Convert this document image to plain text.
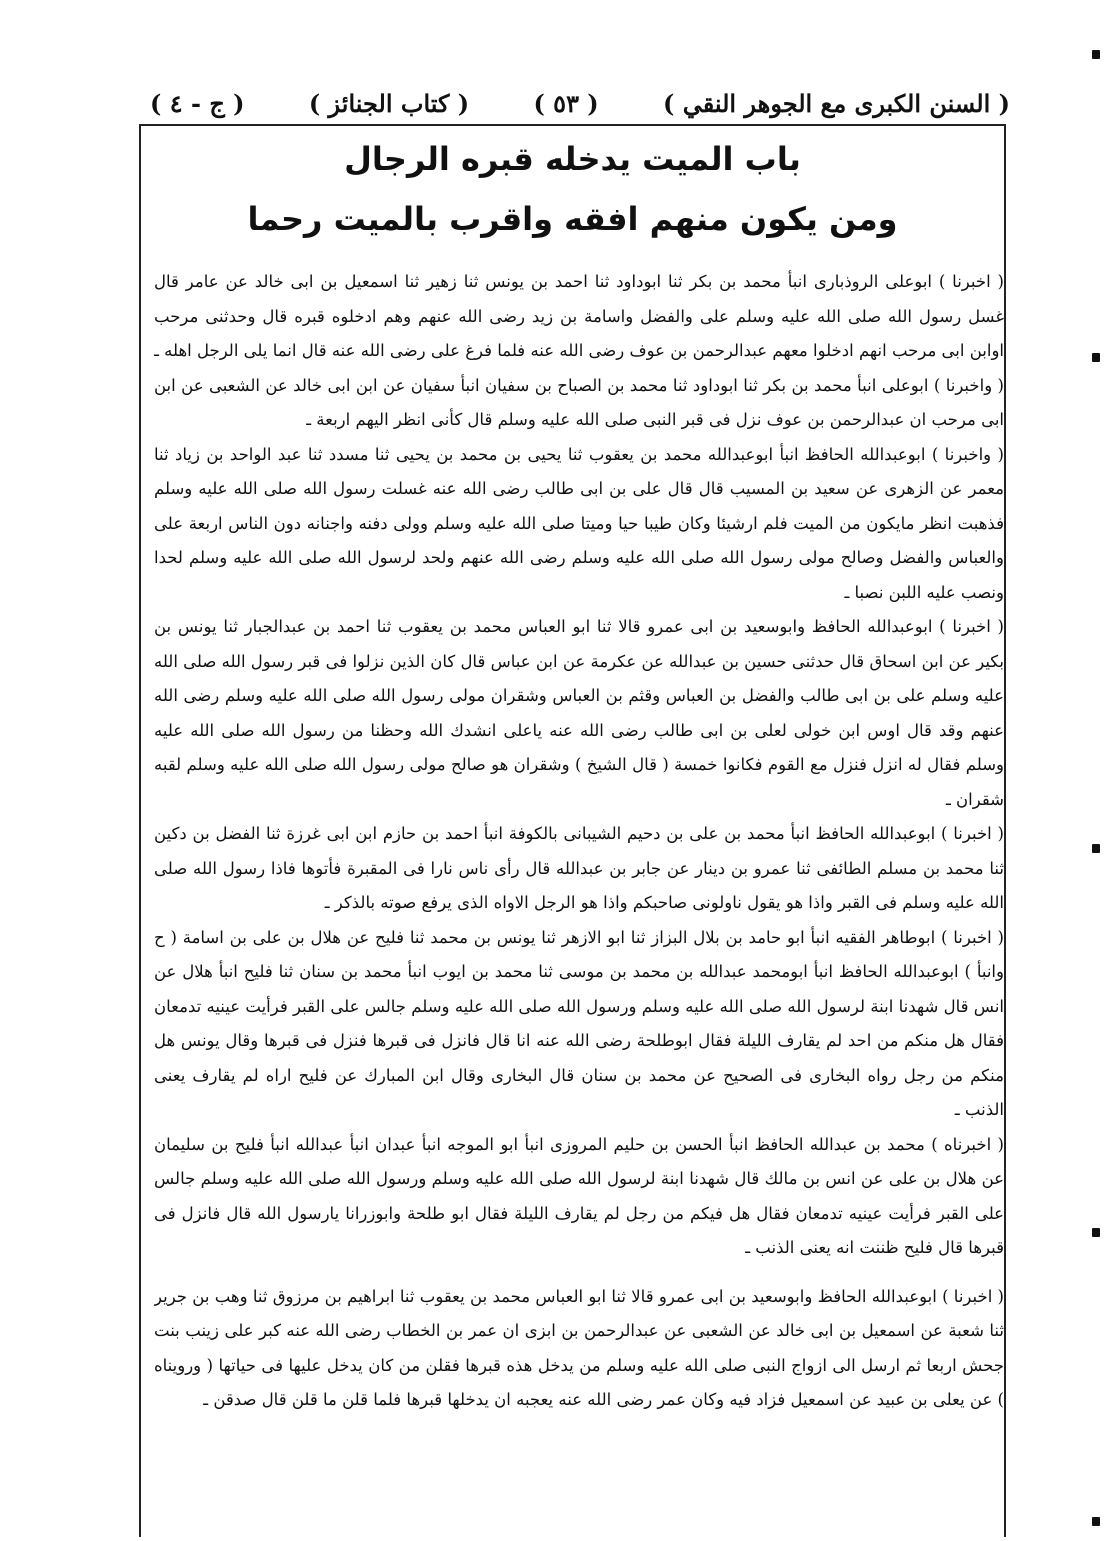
( السنن الكبرى مع الجوهر النقي )
( ٥٣ )
( كتاب الجنائز )
( ج - ٤ )
باب الميت يدخله قبره الرجال
ومن يكون منهم افقه واقرب بالميت رحما

( اخبرنا ) ابوعلى الروذبارى انبأ محمد بن بكر ثنا ابوداود ثنا احمد بن يونس ثنا زهير ثنا اسمعيل بن ابى خالد عن عامر قال غسل رسول الله صلى الله عليه وسلم على والفضل واسامة بن زيد رضى الله عنهم وهم ادخلوه قبره قال وحدثنى مرحب اوابن ابى مرحب انهم ادخلوا معهم عبدالرحمن بن عوف رضى الله عنه فلما فرغ على رضى الله عنه قال انما يلى الرجل اهله ـ

( واخبرنا ) ابوعلى انبأ محمد بن بكر ثنا ابوداود ثنا محمد بن الصباح بن سفيان انبأ سفيان عن ابن ابى خالد عن الشعبى عن ابن ابى مرحب ان عبدالرحمن بن عوف نزل فى قبر النبى صلى الله عليه وسلم قال كأنى انظر اليهم اربعة ـ

( واخبرنا ) ابوعبدالله الحافظ انبأ ابوعبدالله محمد بن يعقوب ثنا يحيى بن محمد بن يحيى ثنا مسدد ثنا عبد الواحد بن زياد ثنا معمر عن الزهرى عن سعيد بن المسيب قال قال على بن ابى طالب رضى الله عنه غسلت رسول الله صلى الله عليه وسلم فذهبت انظر مايكون من الميت فلم ارشيئا وكان طيبا حيا وميتا صلى الله عليه وسلم وولى دفنه واجنانه دون الناس اربعة على والعباس والفضل وصالح مولى رسول الله صلى الله عليه وسلم رضى الله عنهم ولحد لرسول الله صلى الله عليه وسلم لحدا ونصب عليه اللبن نصبا ـ

( اخبرنا ) ابوعبدالله الحافظ وابوسعيد بن ابى عمرو قالا ثنا ابو العباس محمد بن يعقوب ثنا احمد بن عبدالجبار ثنا يونس بن بكير عن ابن اسحاق قال حدثنى حسين بن عبدالله عن عكرمة عن ابن عباس قال كان الذين نزلوا فى قبر رسول الله صلى الله عليه وسلم على بن ابى طالب والفضل بن العباس وقثم بن العباس وشقران مولى رسول الله صلى الله عليه وسلم رضى الله عنهم وقد قال اوس ابن خولى لعلى بن ابى طالب رضى الله عنه ياعلى انشدك الله وحظنا من رسول الله صلى الله عليه وسلم فقال له انزل فنزل مع القوم فكانوا خمسة ( قال الشيخ ) وشقران هو صالح مولى رسول الله صلى الله عليه وسلم لقبه شقران ـ

( اخبرنا ) ابوعبدالله الحافظ انبأ محمد بن على بن دحيم الشيبانى بالكوفة انبأ احمد بن حازم ابن ابى غرزة ثنا الفضل بن دكين ثنا محمد بن مسلم الطائفى ثنا عمرو بن دينار عن جابر بن عبدالله قال رأى ناس نارا فى المقبرة فأتوها فاذا رسول الله صلى الله عليه وسلم فى القبر واذا هو يقول ناولونى صاحبكم واذا هو الرجل الاواه الذى يرفع صوته بالذكر ـ

( اخبرنا ) ابوطاهر الفقيه انبأ ابو حامد بن بلال البزاز ثنا ابو الازهر ثنا يونس بن محمد ثنا فليح عن هلال بن على بن اسامة ( ح وانبأ ) ابوعبدالله الحافظ انبأ ابومحمد عبدالله بن محمد بن موسى ثنا محمد بن ايوب انبأ محمد بن سنان ثنا فليح انبأ هلال عن انس قال شهدنا ابنة لرسول الله صلى الله عليه وسلم ورسول الله صلى الله عليه وسلم جالس على القبر فرأيت عينيه تدمعان فقال هل منكم من احد لم يقارف الليلة فقال ابوطلحة رضى الله عنه انا قال فانزل فى قبرها فنزل فى قبرها وقال يونس هل منكم من رجل رواه البخارى فى الصحيح عن محمد بن سنان قال البخارى وقال ابن المبارك عن فليح اراه لم يقارف يعنى الذنب ـ

( اخبرناه ) محمد بن عبدالله الحافظ انبأ الحسن بن حليم المروزى انبأ ابو الموجه انبأ عبدان انبأ عبدالله انبأ فليح بن سليمان عن هلال بن على عن انس بن مالك قال شهدنا ابنة لرسول الله صلى الله عليه وسلم ورسول الله صلى الله عليه وسلم جالس على القبر فرأيت عينيه تدمعان فقال هل فيكم من رجل لم يقارف الليلة فقال ابو طلحة وابوزرانا يارسول الله قال فانزل فى قبرها قال فليح ظننت انه يعنى الذنب ـ

( اخبرنا ) ابوعبدالله الحافظ وابوسعيد بن ابى عمرو قالا ثنا ابو العباس محمد بن يعقوب ثنا ابراهيم بن مرزوق ثنا وهب بن جرير ثنا شعبة عن اسمعيل بن ابى خالد عن الشعبى عن عبدالرحمن بن ابزى ان عمر بن الخطاب رضى الله عنه كبر على زينب بنت جحش اربعا ثم ارسل الى ازواج النبى صلى الله عليه وسلم من يدخل هذه قبرها فقلن من كان يدخل عليها فى حياتها ( ورويناه ) عن يعلى بن عبيد عن اسمعيل فزاد فيه وكان عمر رضى الله عنه يعجبه ان يدخلها قبرها فلما قلن ما قلن قال صدقن ـ
